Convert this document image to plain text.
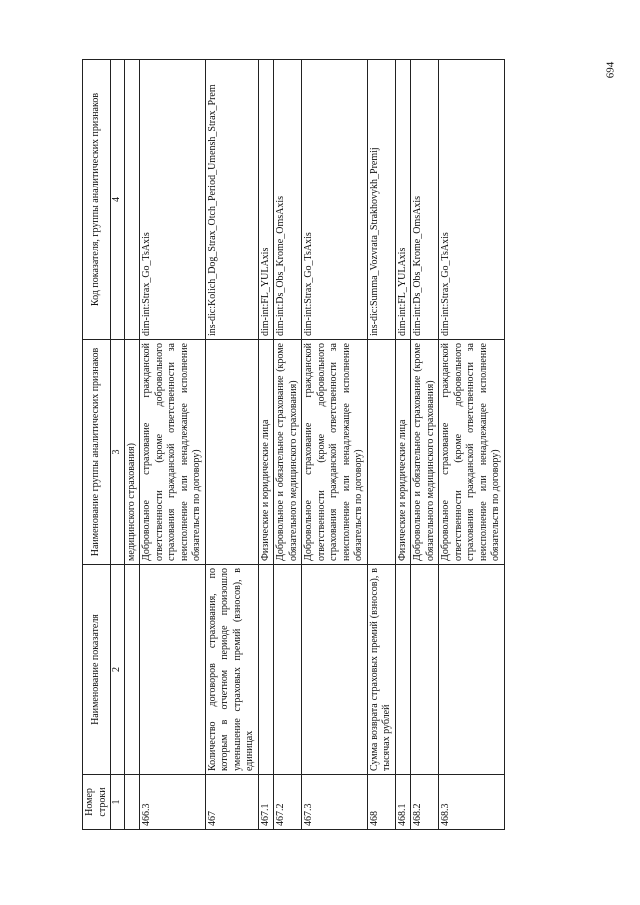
694
Номер строки	Наименование показателя	Наименование группы аналитических признаков	Код показателя, группы аналитических признаков
1	2	3	4
		медицинского страхования)	
466.3		Добровольное страхование гражданской ответственности (кроме добровольного страхования гражданской ответственности за неисполнение или ненадлежащее исполнение обязательств по договору)	dim-int:Strax_Go_TsAxis
467	Количество договоров страхования, по которым в отчетном периоде произошло уменьшение страховых премий (взносов), в единицах		ins-dic:Kolich_Dog_Strax_Otch_Period_Umensh_Strax_Prem
467.1		Физические и юридические лица	dim-int:FL_YULAxis
467.2		Добровольное и обязательное страхование (кроме обязательного медицинского страхования)	dim-int:Ds_Obs_Krome_OmsAxis
467.3		Добровольное страхование гражданской ответственности (кроме добровольного страхования гражданской ответственности за неисполнение или ненадлежащее исполнение обязательств по договору)	dim-int:Strax_Go_TsAxis
468	Сумма возврата страховых премий (взносов), в тысячах рублей		ins-dic:Summa_Vozvrata_Strakhovykh_Premij
468.1		Физические и юридические лица	dim-int:FL_YULAxis
468.2		Добровольное и обязательное страхование (кроме обязательного медицинского страхования)	dim-int:Ds_Obs_Krome_OmsAxis
468.3		Добровольное страхование гражданской ответственности (кроме добровольного страхования гражданской ответственности за неисполнение или ненадлежащее исполнение обязательств по договору)	dim-int:Strax_Go_TsAxis
